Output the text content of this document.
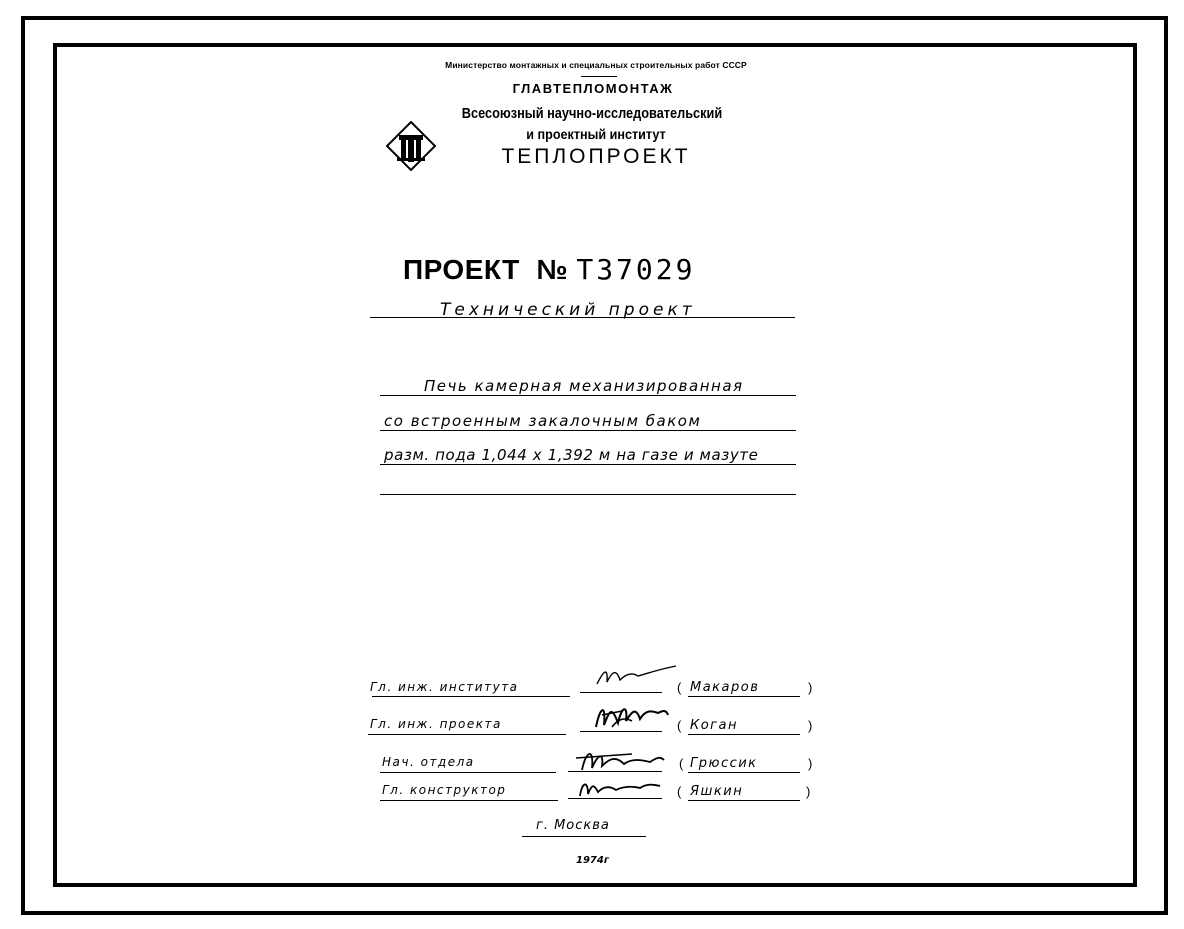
Министерство монтажных и специальных строительных работ СССР
ГЛАВТЕПЛОМОНТАЖ
Всесоюзный научно-исследовательский
и проектный институт
ТЕПЛОПРОЕКТ
ПРОЕКТ № Т37029
Технический проект
Печь камерная механизированная
со встроенным закалочным баком
разм. пода 1,044 х 1,392 м на газе и мазуте
Гл. инж. института	( Макаров	)
Гл. инж. проекта	( Коган	)
Нач. отдела	( Грюссик	)
Гл. конструктор	( Яшкин	)
г. Москва
1974г
